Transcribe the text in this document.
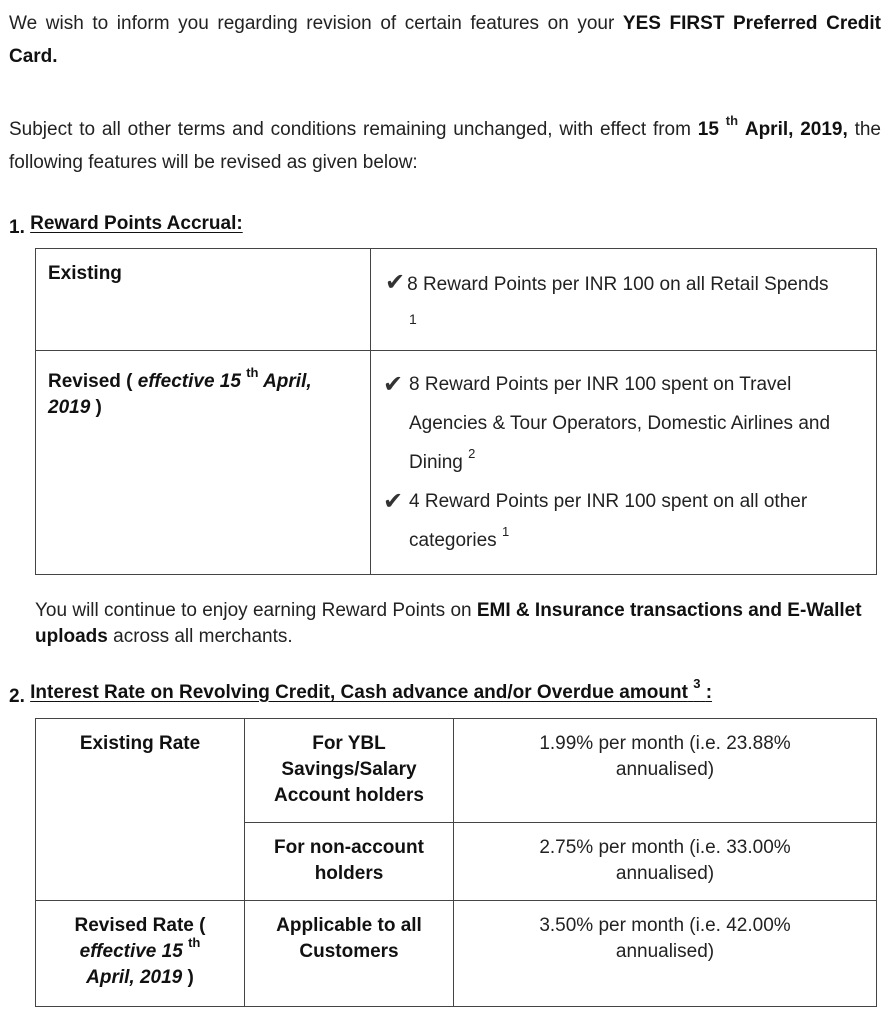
We wish to inform you regarding revision of certain features on your YES FIRST Preferred Credit Card.
Subject to all other terms and conditions remaining unchanged, with effect from 15 $^{th}$ April, 2019, the following features will be revised as given below:
1. Reward Points Accrual:
Existing	✔ 8 Reward Points per INR 100 on all Retail Spends
1

Revised ( effective 15 $^{th}$ April, 2019 )	✔ 8 Reward Points per INR 100 spent on Travel Agencies & Tour Operators, Domestic Airlines and Dining $^2$
✔ 4 Reward Points per INR 100 spent on all other categories $^1$
You will continue to enjoy earning Reward Points on EMI & Insurance transactions and E-Wallet uploads across all merchants.
2. Interest Rate on Revolving Credit, Cash advance and/or Overdue amount $^3$ :
Existing Rate	For YBL Savings/Salary Account holders	1.99% per month (i.e. 23.88% annualised)
	For non-account holders	2.75% per month (i.e. 33.00% annualised)
Revised Rate (
effective 15 $^{th}$
April, 2019 )	Applicable to all Customers	3.50% per month (i.e. 42.00% annualised)
